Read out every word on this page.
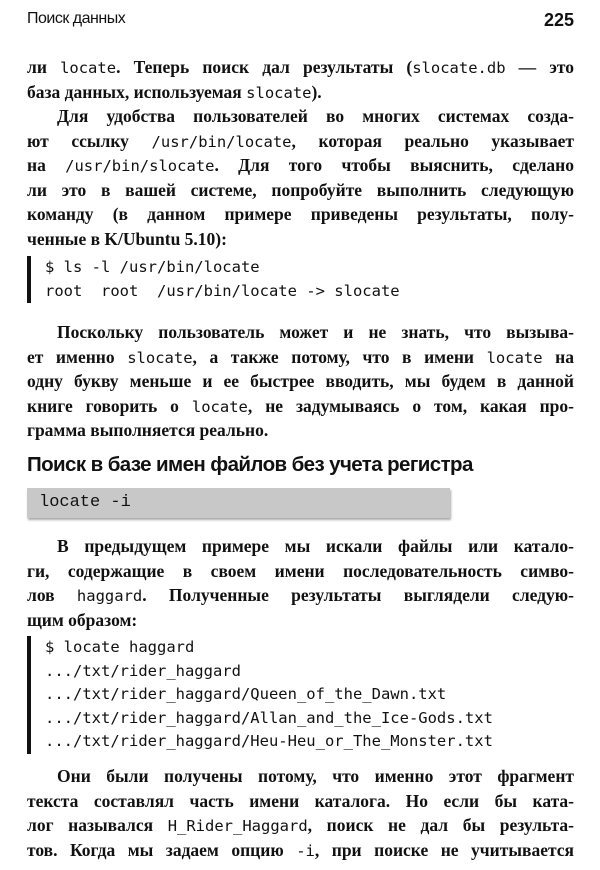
Поиск данных	225
ли locate. Теперь поиск дал результаты (slocate.db — это
база данных, используемая slocate).
Для удобства пользователей во многих системах созда-
ют ссылку /usr/bin/locate, которая реально указывает
на /usr/bin/slocate. Для того чтобы выяснить, сделано
ли это в вашей системе, попробуйте выполнить следующую
команду (в данном примере приведены результаты, полу-
ченные в K/Ubuntu 5.10):
$ ls -l /usr/bin/locate
root  root  /usr/bin/locate -> slocate
Поскольку пользователь может и не знать, что вызыва-
ет именно slocate, а также потому, что в имени locate на
одну букву меньше и ее быстрее вводить, мы будем в данной
книге говорить о locate, не задумываясь о том, какая про-
грамма выполняется реально.
Поиск в базе имен файлов без учета регистра
locate -i
В предыдущем примере мы искали файлы или катало-
ги, содержащие в своем имени последовательность симво-
лов haggard. Полученные результаты выглядели следую-
щим образом:
$ locate haggard
.../txt/rider_haggard
.../txt/rider_haggard/Queen_of_the_Dawn.txt
.../txt/rider_haggard/Allan_and_the_Ice-Gods.txt
.../txt/rider_haggard/Heu-Heu_or_The_Monster.txt
Они были получены потому, что именно этот фрагмент
текста составлял часть имени каталога. Но если бы ката-
лог назывался H_Rider_Haggard, поиск не дал бы результа-
тов. Когда мы задаем опцию -i, при поиске не учитывается
